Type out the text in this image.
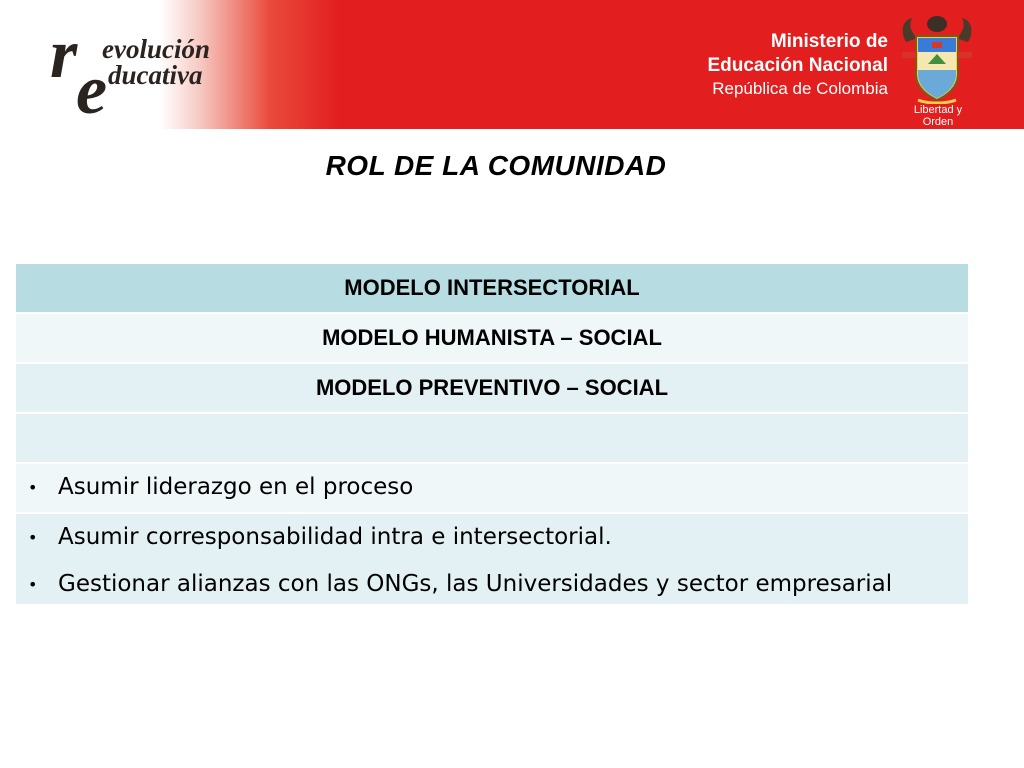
r
e
evolución
ducativa
Ministerio de
Educación Nacional
República de Colombia
Libertad y Orden
ROL DE LA COMUNIDAD
MODELO INTERSECTORIAL
MODELO HUMANISTA – SOCIAL
MODELO PREVENTIVO – SOCIAL
• Asumir liderazgo en el proceso
• Asumir corresponsabilidad intra e intersectorial.
• Gestionar alianzas con las ONGs, las Universidades y sector empresarial
